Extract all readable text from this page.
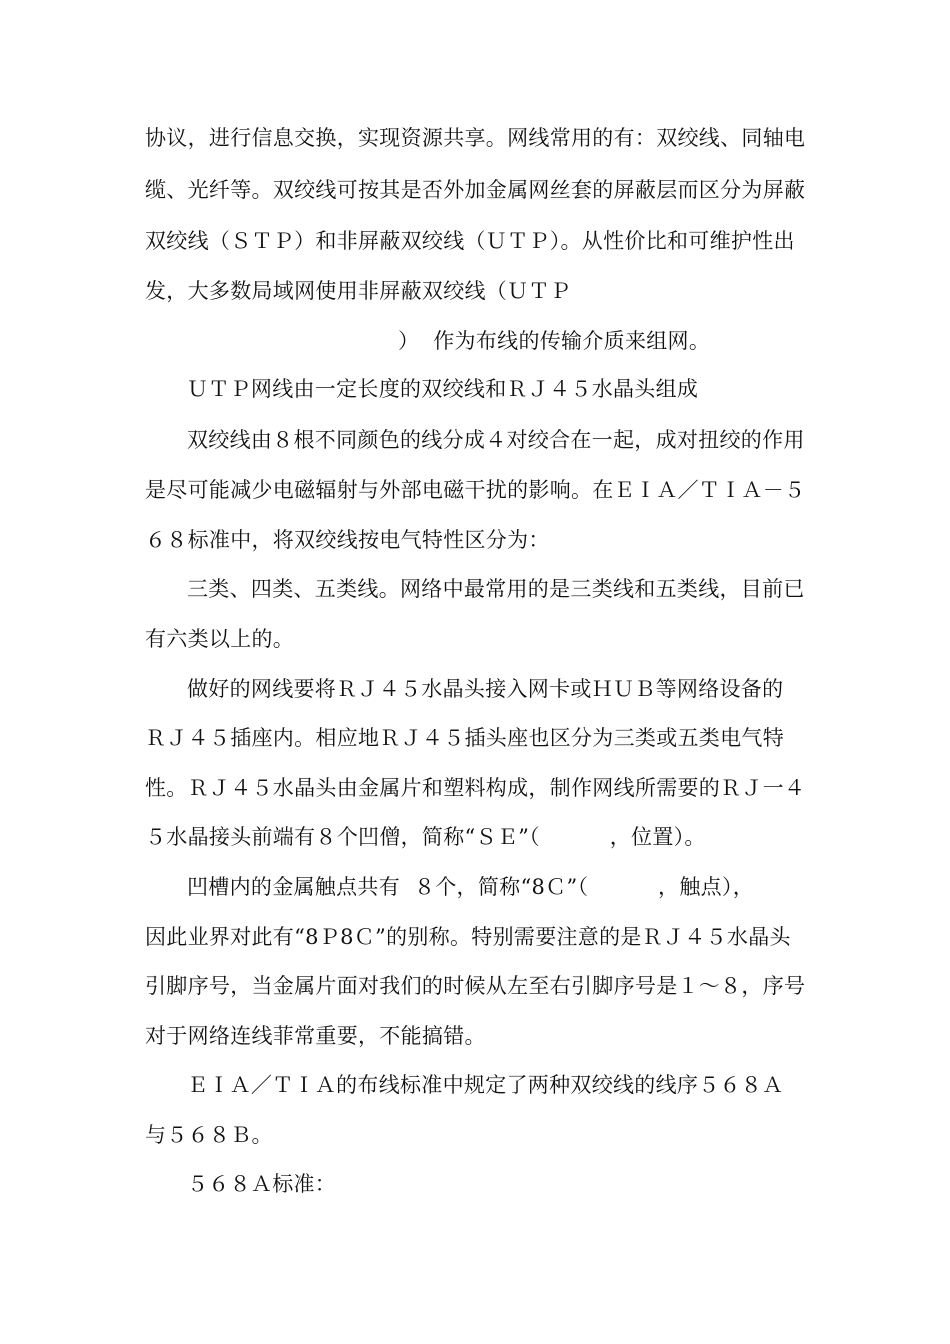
协议，进行信息交换，实现资源共享。网线常用的有：双绞线、同轴电
缆、光纤等。双绞线可按其是否外加金属网丝套的屏蔽层而区分为屏蔽
双绞线（ＳＴＰ）和非屏蔽双绞线（ＵＴＰ）。从性价比和可维护性出
发，大多数局域网使用非屏蔽双绞线（ＵＴＰ
）  作为布线的传输介质来组网。
ＵＴＰ网线由一定长度的双绞线和ＲＪ４５水晶头组成
双绞线由８根不同颜色的线分成４对绞合在一起，成对扭绞的作用
是尽可能减少电磁辐射与外部电磁干扰的影响。在ＥＩＡ／ＴＩＡ－５
６８标准中，将双绞线按电气特性区分为：
三类、四类、五类线。网络中最常用的是三类线和五类线，目前已
有六类以上的。
做好的网线要将ＲＪ４５水晶头接入网卡或ＨＵＢ等网络设备的
ＲＪ４５插座内。相应地ＲＪ４５插头座也区分为三类或五类电气特
性。ＲＪ４５水晶头由金属片和塑料构成，制作网线所需要的ＲＪ一４
５水晶接头前端有８个凹僧，简称“ＳＥ”（          ，位置）。
凹槽内的金属触点共有  ８个，简称“8Ｃ”（          ，触点），
因此业界对此有“8Ｐ8Ｃ”的别称。特别需要注意的是ＲＪ４５水晶头
引脚序号，当金属片面对我们的时候从左至右引脚序号是１～８，序号
对于网络连线菲常重要，不能搞错。
ＥＩＡ／ＴＩＡ的布线标准中规定了两种双绞线的线序５６８Ａ
与５６８Ｂ。
５６８Ａ标准：
